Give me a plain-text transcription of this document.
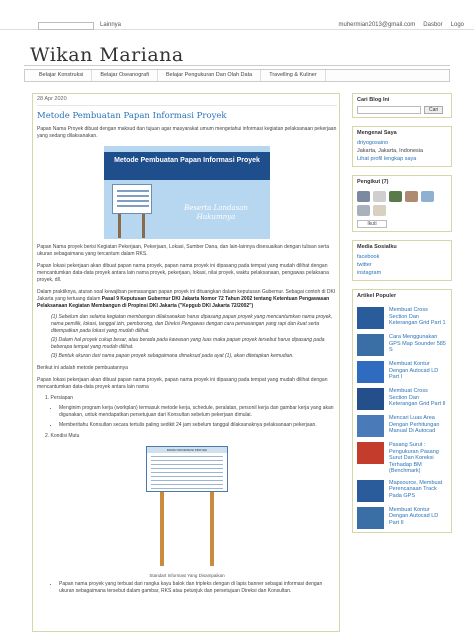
Lainnya	muhermian2013@gmail.com Dasbor Logo
Wikan Mariana
Belajar Konstruksi	Belajar Oseanografi	Belajar Pengukuran Dan Olah Data	Travelling & Kuliner
28 Apr 2020
Metode Pembuatan Papan Informasi Proyek
Papan Nama Proyek dibuat dengan maksud dan tujuan agar masyarakat umum mengetahui informasi kegiatan pelaksanaan pekerjaan yang sedang dilaksanakan.
Metode Pembuatan Papan Informasi Proyek
Beserta Landasan Hukumnya
Papan Nama proyek berisi Kegiatan Pekerjaan, Pekerjaan, Lokasi, Sumber Dana, dan lain-lainnya disesuaikan dengan tulisan serta ukuran sebagaimana yang tercantum dalam RKS.
Papan lokasi pekerjaan akan dibuat papan nama proyek, papan nama proyek ini dipasang pada tempat yang mudah dilihat dengan mencantumkan data-data proyek antara lain nama proyek, pekerjaan, lokasi, nilai proyek, waktu pelaksanaan, pengawas pelaksana proyek, dll.
Dalam praktiknya, aturan soal kewajiban pemasangan papan proyek ini dituangkan dalam keputusan Gubernur. Sebagai contoh di DKI Jakarta yang tertuang dalam Pasal 9 Keputusan Gubernur DKI Jakarta Nomor 72 Tahun 2002 tentang Ketentuan Pengawasan Pelaksanaan Kegiatan Membangun di Propinsi DKI Jakarta ("Kepgub DKI Jakarta 72/2002")
(1) Sebelum dan selama kegiatan membangun dilaksanakan harus dipasang papan proyek yang mencantumkan nama proyek, nama pemilik, lokasi, tanggal izin, pemborong, dan Direksi Pengawas dengan cara pemasangan yang rapi dan kuat serta ditempatkan pada lokasi yang mudah dilihat.
(2) Dalam hal proyek cukup besar, atau berada pada kawasan yang luas maka papan proyek tersebut harus dipasang pada beberapa tempat yang mudah dilihat.
(3) Bentuk ukuran dari nama papan proyek sebagaimana dimaksud pada ayat (1), akan ditetapkan kemudian.
Berikut ini adalah metode pembuatannya
Papan lokasi pekerjaan akan dibuat papan nama proyek, papan nama proyek ini dipasang pada tempat yang mudah dilihat dengan mencantumkan data-data proyek antara lain nama
1. Persiapan
• Menginim program kerja (workplan) termasuk metode kerja, schedule, peralatan, personil kerja dan gambar kerja yang akan digunakan, untuk mendapatkan persetujuan dari Konsultan sebelum pekerjaan dimulai.
• Memberitahu Konsultan secara tertulis paling sedikit 24 jam sebelum tanggal dilaksanaknya pelaksanaan pekerjaan.
2. Kondisi Mutu
PAPAN INFORMASI PROYEK
Standart Informasi Yang Disampaikan
• Papan nama proyek yang terbuat dari rangka kayu balok dan tripleks dengan di lapis banner sebagai informasi dengan ukuran sebagaimana tersebut dalam gambar, RKS atau petunjuk dan persetujuan Direksi dan Konsultan.
Cari Blog Ini
Cari
Mengenai Saya
driyogosaino
Jakarta, Jakarta, Indonesia
Lihat profil lengkap saya
Pengikut (7)
Ikuti
Media Sosialku
facebook
twitter
instagram
Artikel Populer
Membuat Cross Section Dan Keterangan Grid Part 1
Cara Menggunakan GPS Map Sounder 585 S
Membuat Kontur Dengan Autocad LD Part I
Membuat Cross Section Dan Keterangan Grid Part II
Mencari Luas Area Dengan Perhitungan Manual Di Autocad
Pasang Surut : Pengukuran Pasang Surut Dan Koreksi Terhadap BM (Benchmark)
Mapsource, Membuat Perencanaan Track Pada GPS
Membuat Kontur Dengan Autocad LD Part II
